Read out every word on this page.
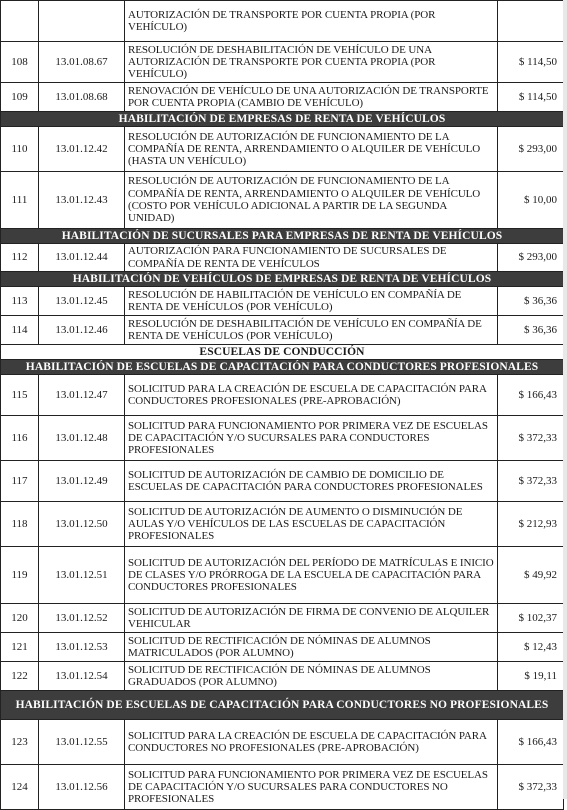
		AUTORIZACIÓN DE TRANSPORTE POR CUENTA PROPIA (POR VEHÍCULO)	
108	13.01.08.67	RESOLUCIÓN DE DESHABILITACIÓN DE VEHÍCULO DE UNA AUTORIZACIÓN DE TRANSPORTE POR CUENTA PROPIA (POR VEHÍCULO)	$ 114,50
109	13.01.08.68	RENOVACIÓN DE VEHÍCULO DE UNA AUTORIZACIÓN DE TRANSPORTE POR CUENTA PROPIA (CAMBIO DE VEHÍCULO)	$ 114,50
HABILITACIÓN DE EMPRESAS DE RENTA DE VEHÍCULOS			
110	13.01.12.42	RESOLUCIÓN DE AUTORIZACIÓN DE FUNCIONAMIENTO DE LA COMPAÑÍA DE RENTA, ARRENDAMIENTO O ALQUILER DE VEHÍCULO (HASTA UN VEHÍCULO)	$ 293,00
111	13.01.12.43	RESOLUCIÓN DE AUTORIZACIÓN DE FUNCIONAMIENTO DE LA COMPAÑÍA DE RENTA, ARRENDAMIENTO O ALQUILER DE VEHÍCULO (COSTO POR VEHÍCULO ADICIONAL A PARTIR DE LA SEGUNDA UNIDAD)	$ 10,00
HABILITACIÓN DE SUCURSALES PARA EMPRESAS DE RENTA DE VEHÍCULOS			
112	13.01.12.44	AUTORIZACIÓN PARA FUNCIONAMIENTO DE SUCURSALES DE COMPAÑÍA DE RENTA DE VEHÍCULOS	$ 293,00
HABILITACIÓN DE VEHÍCULOS DE EMPRESAS DE RENTA DE VEHÍCULOS			
113	13.01.12.45	RESOLUCIÓN DE HABILITACIÓN DE VEHÍCULO EN COMPAÑÍA DE RENTA DE VEHÍCULOS (POR VEHÍCULO)	$ 36,36
114	13.01.12.46	RESOLUCIÓN DE DESHABILITACIÓN DE VEHÍCULO EN COMPAÑÍA DE RENTA DE VEHÍCULOS (POR VEHÍCULO)	$ 36,36
ESCUELAS DE CONDUCCIÓN			
HABILITACIÓN DE ESCUELAS DE CAPACITACIÓN PARA CONDUCTORES PROFESIONALES			
115	13.01.12.47	SOLICITUD PARA LA CREACIÓN DE ESCUELA DE CAPACITACIÓN PARA CONDUCTORES PROFESIONALES (PRE-APROBACIÓN)	$ 166,43
116	13.01.12.48	SOLICITUD PARA FUNCIONAMIENTO POR PRIMERA VEZ DE ESCUELAS DE CAPACITACIÓN Y/O SUCURSALES PARA CONDUCTORES PROFESIONALES	$ 372,33
117	13.01.12.49	SOLICITUD DE AUTORIZACIÓN DE CAMBIO DE DOMICILIO DE ESCUELAS DE CAPACITACIÓN PARA CONDUCTORES PROFESIONALES	$ 372,33
118	13.01.12.50	SOLICITUD DE AUTORIZACIÓN DE AUMENTO O DISMINUCIÓN DE AULAS Y/O VEHÍCULOS DE LAS ESCUELAS DE CAPACITACIÓN PROFESIONALES	$ 212,93
119	13.01.12.51	SOLICITUD DE AUTORIZACIÓN DEL PERÍODO DE MATRÍCULAS E INICIO DE CLASES Y/O PRÓRROGA DE LA ESCUELA DE CAPACITACIÓN PARA CONDUCTORES PROFESIONALES	$ 49,92
120	13.01.12.52	SOLICITUD DE AUTORIZACIÓN DE FIRMA DE CONVENIO DE ALQUILER VEHICULAR	$ 102,37
121	13.01.12.53	SOLICITUD DE RECTIFICACIÓN DE NÓMINAS DE ALUMNOS MATRICULADOS (POR ALUMNO)	$ 12,43
122	13.01.12.54	SOLICITUD DE RECTIFICACIÓN DE NÓMINAS DE ALUMNOS GRADUADOS (POR ALUMNO)	$ 19,11
HABILITACIÓN DE ESCUELAS DE CAPACITACIÓN PARA CONDUCTORES NO PROFESIONALES			
123	13.01.12.55	SOLICITUD PARA LA CREACIÓN DE ESCUELA DE CAPACITACIÓN PARA CONDUCTORES NO PROFESIONALES (PRE-APROBACIÓN)	$ 166,43
124	13.01.12.56	SOLICITUD PARA FUNCIONAMIENTO POR PRIMERA VEZ DE ESCUELAS DE CAPACITACIÓN Y/O SUCURSALES PARA CONDUCTORES NO PROFESIONALES	$ 372,33
